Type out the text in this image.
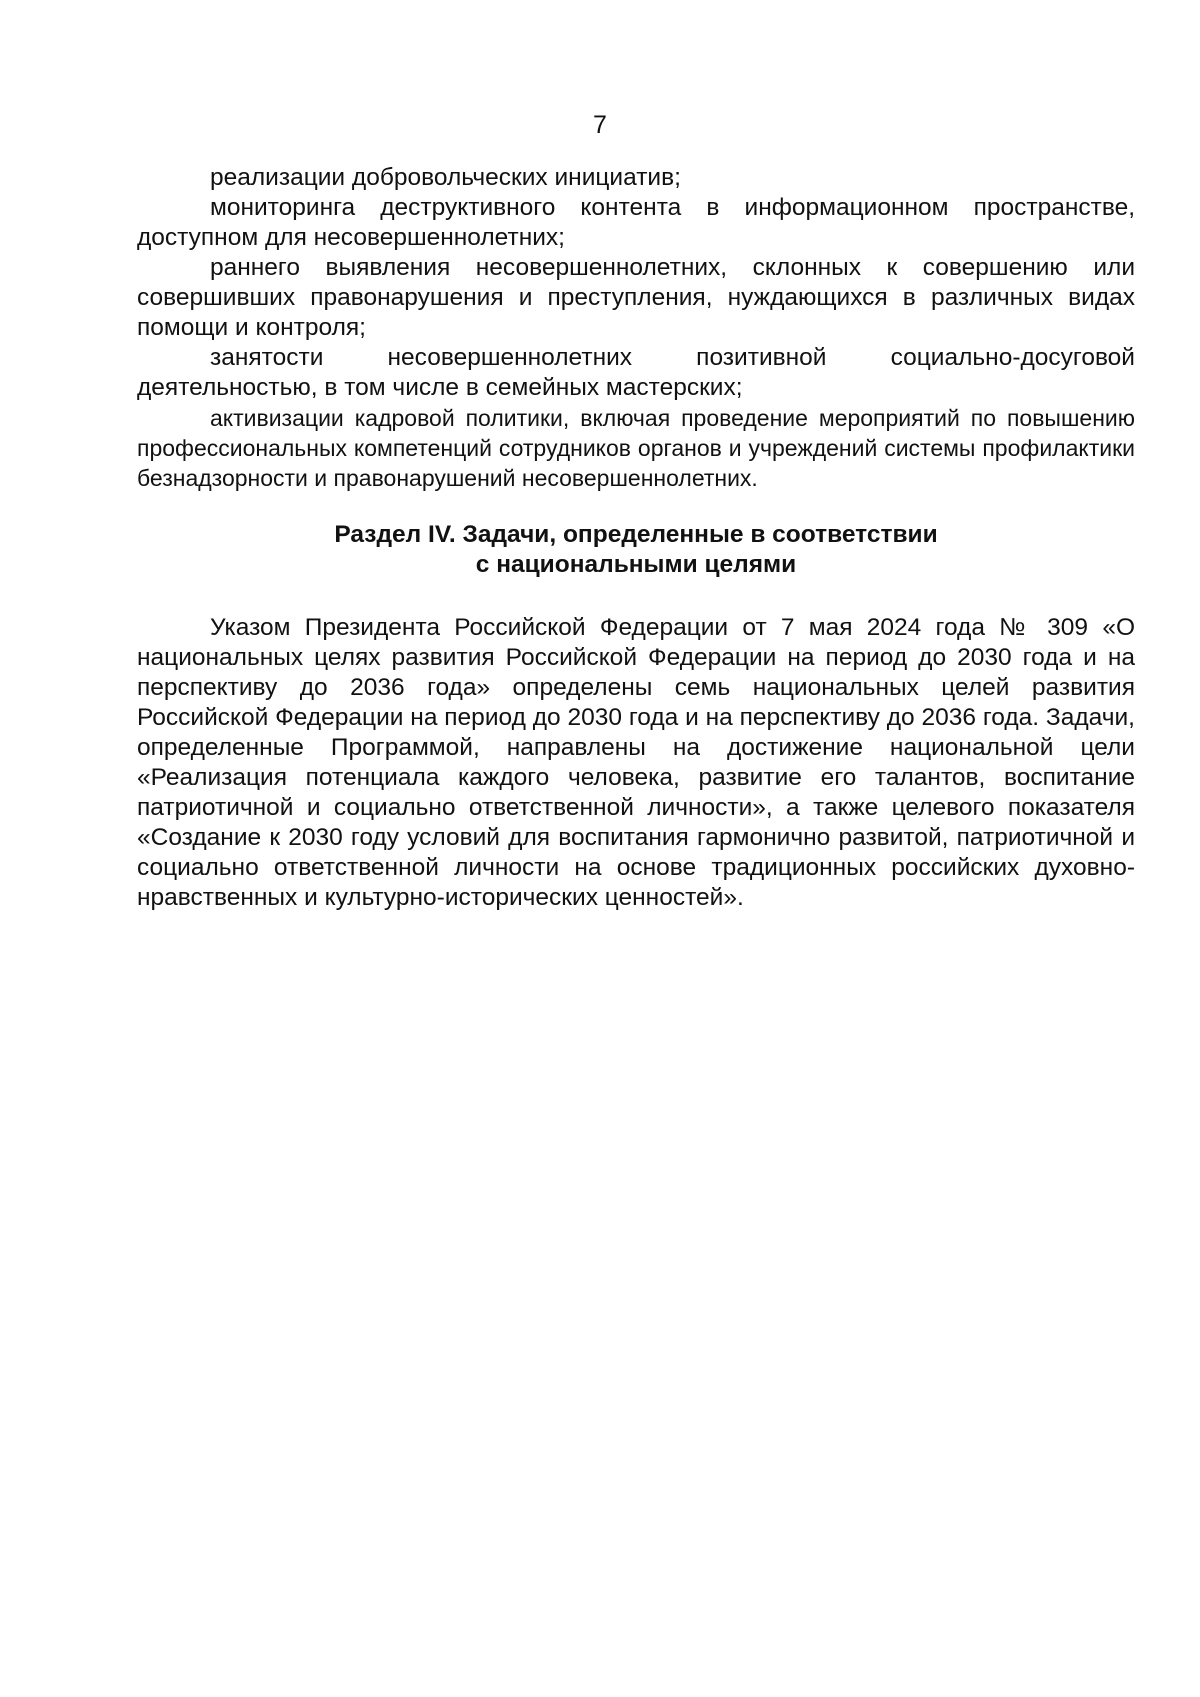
7

реализации добровольческих инициатив;

мониторинга деструктивного контента в информационном пространстве, доступном для несовершеннолетних;

раннего выявления несовершеннолетних, склонных к совершению или совершивших правонарушения и преступления, нуждающихся в различных видах помощи и контроля;

занятости несовершеннолетних позитивной социально-досуговой деятельностью, в том числе в семейных мастерских;

активизации кадровой политики, включая проведение мероприятий по повышению профессиональных компетенций сотрудников органов и учреждений системы профилактики безнадзорности и правонарушений несовершеннолетних.

Раздел IV. Задачи, определенные в соответствии
с национальными целями

Указом Президента Российской Федерации от 7 мая 2024 года № 309 «О национальных целях развития Российской Федерации на период до 2030 года и на перспективу до 2036 года» определены семь национальных целей развития Российской Федерации на период до 2030 года и на перспективу до 2036 года. Задачи, определенные Программой, направлены на достижение национальной цели «Реализация потенциала каждого человека, развитие его талантов, воспитание патриотичной и социально ответственной личности», а также целевого показателя «Создание к 2030 году условий для воспитания гармонично развитой, патриотичной и социально ответственной личности на основе традиционных российских духовно-нравственных и культурно-исторических ценностей».
